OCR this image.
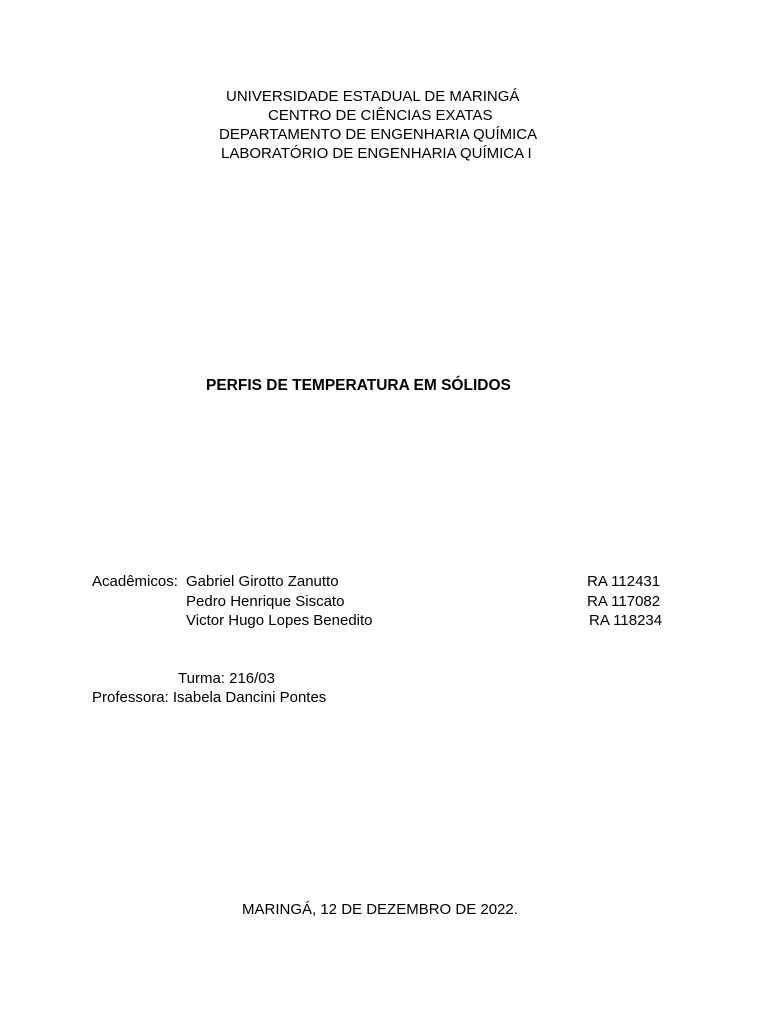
UNIVERSIDADE ESTADUAL DE MARINGÁ
CENTRO DE CIÊNCIAS EXATAS
DEPARTAMENTO DE ENGENHARIA QUÍMICA
LABORATÓRIO DE ENGENHARIA QUÍMICA I
PERFIS DE TEMPERATURA EM SÓLIDOS
Acadêmicos: Gabriel Girotto Zanutto	RA 112431
Pedro Henrique Siscato	RA 117082
Victor Hugo Lopes Benedito	RA 118234
Turma: 216/03
Professora: Isabela Dancini Pontes
MARINGÁ, 12 DE DEZEMBRO DE 2022.
